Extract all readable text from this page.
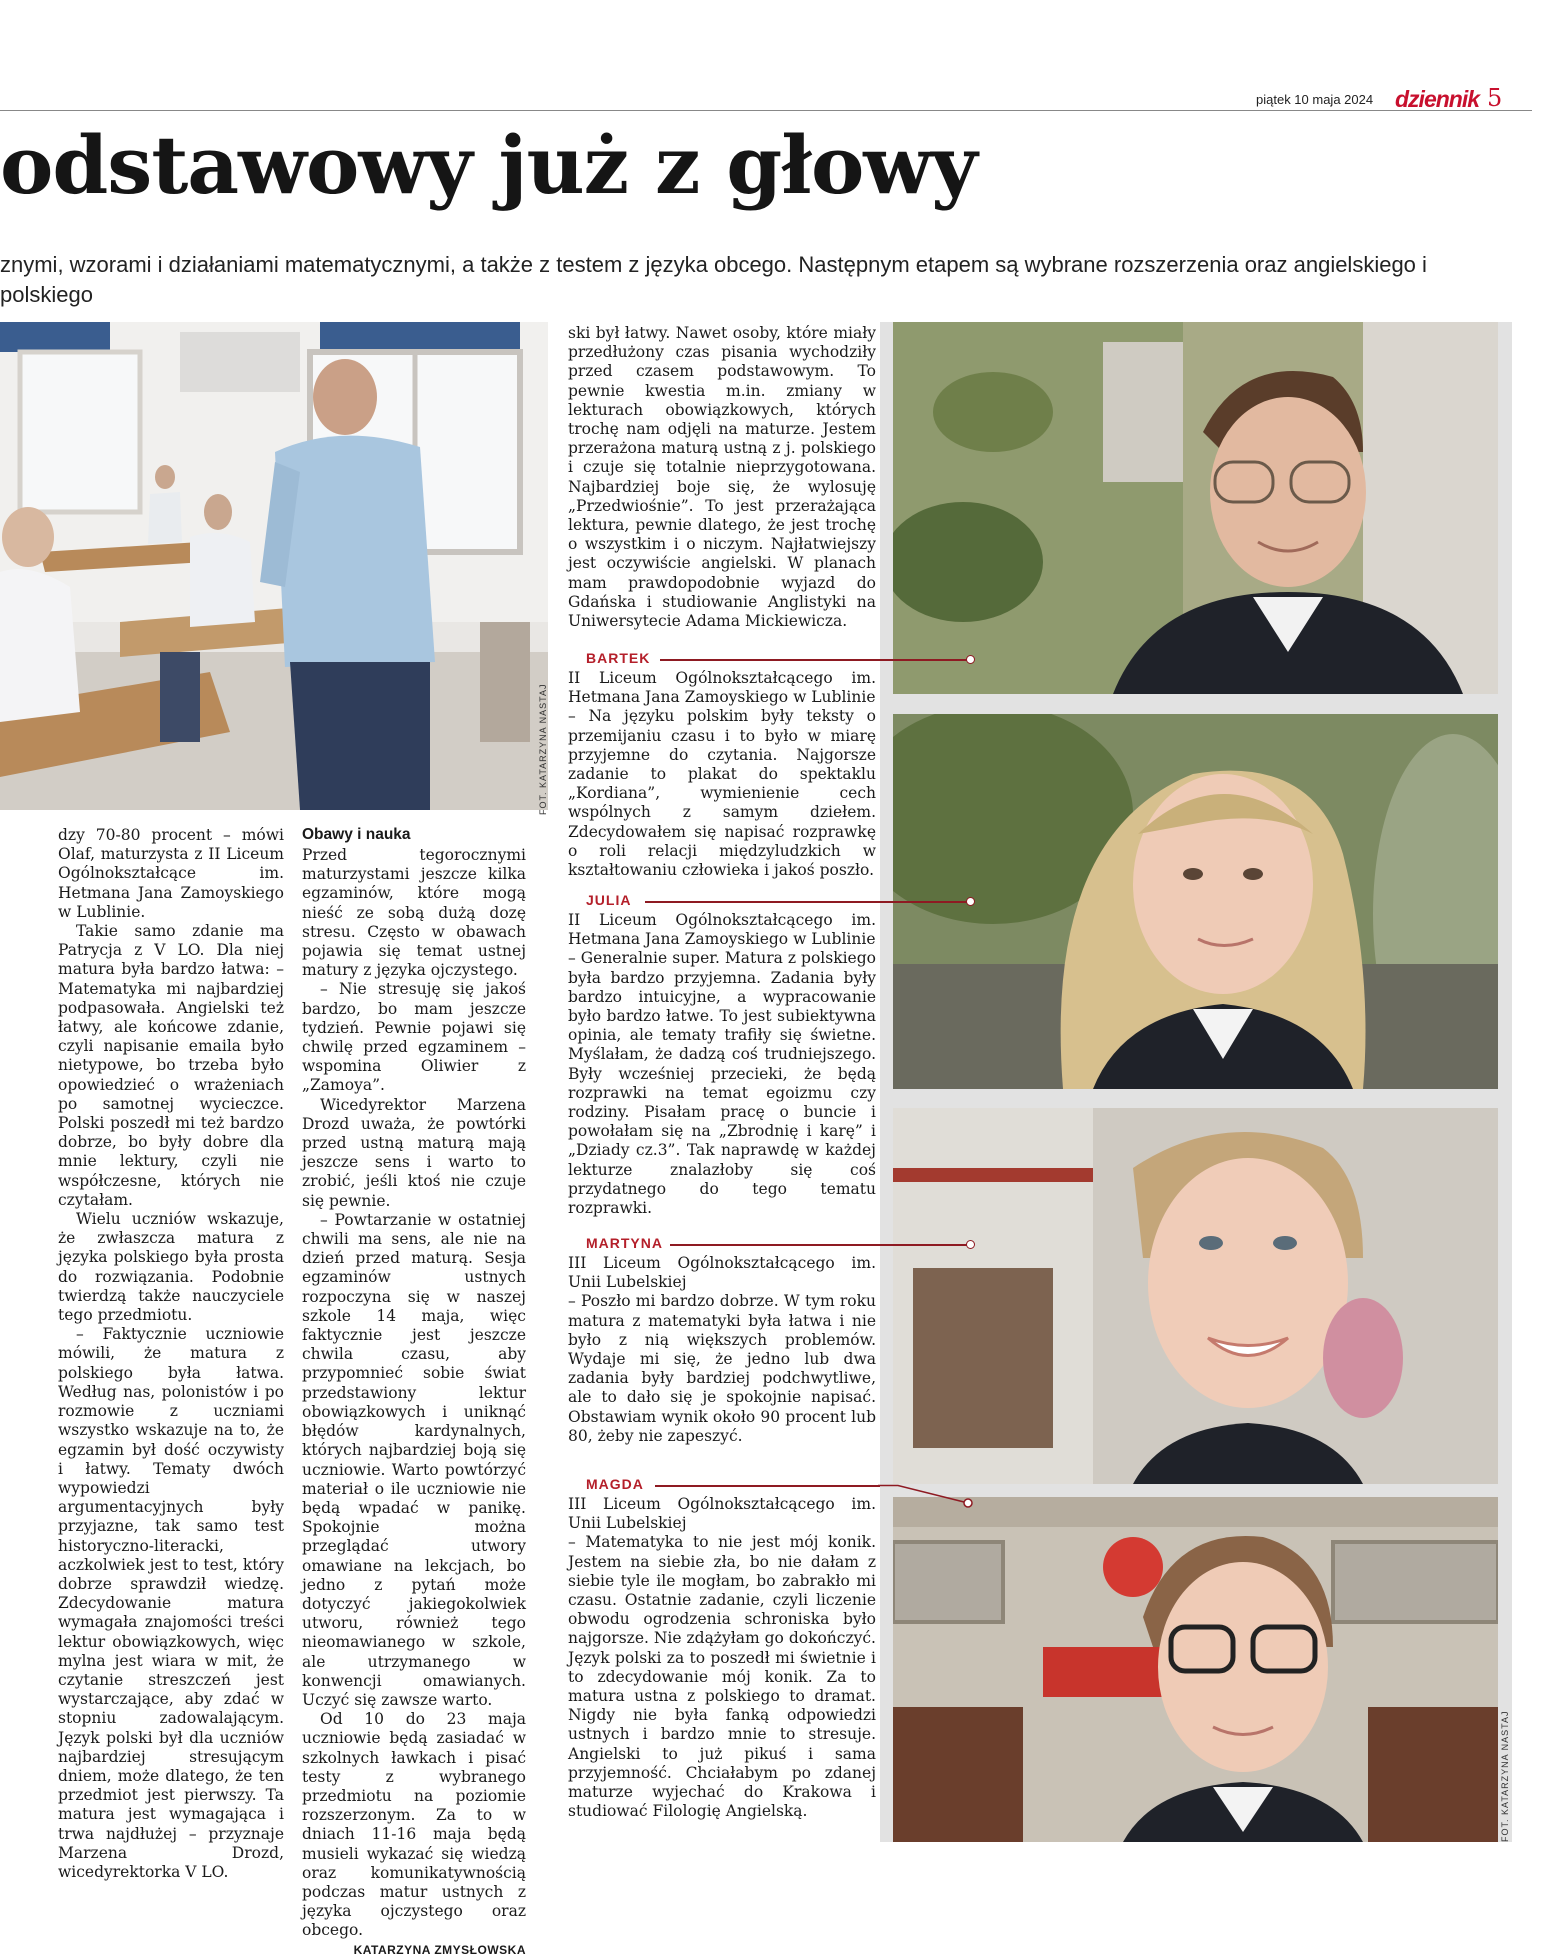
piątek 10 maja 2024 dziennik 5
odstawowy już z głowy
znymi, wzorami i działaniami matematycznymi, a także z testem z języka obcego. Następnym etapem są wybrane rozszerzenia oraz angielskiego i polskiego
FOT. KATARZYNA NASTAJ
FOT. KATARZYNA NASTAJ

dzy 70-80 procent – mówi Olaf, maturzysta z II Liceum Ogólnokształcące im. Hetmana Jana Zamoyskiego w Lublinie.

Takie samo zdanie ma Patrycja z V LO. Dla niej matura była bardzo łatwa: – Matematyka mi najbardziej podpasowała. Angielski też łatwy, ale końcowe zdanie, czyli napisanie emaila było nietypowe, bo trzeba było opowiedzieć o wrażeniach po samotnej wycieczce. Polski poszedł mi też bardzo dobrze, bo były dobre dla mnie lektury, czyli nie współczesne, których nie czytałam.

Wielu uczniów wskazuje, że zwłaszcza matura z języka polskiego była prosta do rozwiązania. Podobnie twierdzą także nauczyciele tego przedmiotu.

– Faktycznie uczniowie mówili, że matura z polskiego była łatwa. Według nas, polonistów i po rozmowie z uczniami wszystko wskazuje na to, że egzamin był dość oczywisty i łatwy. Tematy dwóch wypowiedzi argumentacyjnych były przyjazne, tak samo test historyczno-literacki, aczkolwiek jest to test, który dobrze sprawdził wiedzę. Zdecydowanie matura wymagała znajomości treści lektur obowiązkowych, więc mylna jest wiara w mit, że czytanie streszczeń jest wystarczające, aby zdać w stopniu zadowalającym. Język polski był dla uczniów najbardziej stresującym dniem, może dlatego, że ten przedmiot jest pierwszy. Ta matura jest wymagająca i trwa najdłużej – przyznaje Marzena Drozd, wicedyrektorka V LO.

Obawy i nauka

Przed tegorocznymi maturzystami jeszcze kilka egzaminów, które mogą nieść ze sobą dużą dozę stresu. Często w obawach pojawia się temat ustnej matury z języka ojczystego.

– Nie stresuję się jakoś bardzo, bo mam jeszcze tydzień. Pewnie pojawi się chwilę przed egzaminem – wspomina Oliwier z „Zamoya”.

Wicedyrektor Marzena Drozd uważa, że powtórki przed ustną maturą mają jeszcze sens i warto to zrobić, jeśli ktoś nie czuje się pewnie.

– Powtarzanie w ostatniej chwili ma sens, ale nie na dzień przed maturą. Sesja egzaminów ustnych rozpoczyna się w naszej szkole 14 maja, więc faktycznie jest jeszcze chwila czasu, aby przypomnieć sobie świat przedstawiony lektur obowiązkowych i uniknąć błędów kardynalnych, których najbardziej boją się uczniowie. Warto powtórzyć materiał o ile uczniowie nie będą wpadać w panikę. Spokojnie można przeglądać utwory omawiane na lekcjach, bo jedno z pytań może dotyczyć jakiegokolwiek utworu, również tego nieomawianego w szkole, ale utrzymanego w konwencji omawianych. Uczyć się zawsze warto.

Od 10 do 23 maja uczniowie będą zasiadać w szkolnych ławkach i pisać testy z wybranego przedmiotu na poziomie rozszerzonym. Za to w dniach 11-16 maja będą musieli wykazać się wiedzą oraz komunikatywnością podczas matur ustnych z języka ojczystego oraz obcego.

KATARZYNA ZMYSŁOWSKA

ski był łatwy. Nawet osoby, które miały przedłużony czas pisania wychodziły przed czasem podstawowym. To pewnie kwestia m.in. zmiany w lekturach obowiązkowych, których trochę nam odjęli na maturze. Jestem przerażona maturą ustną z j. polskiego i czuje się totalnie nieprzygotowana. Najbardziej boje się, że wylosuję „Przedwiośnie”. To jest przerażająca lektura, pewnie dlatego, że jest trochę o wszystkim i o niczym. Najłatwiejszy jest oczywiście angielski. W planach mam prawdopodobnie wyjazd do Gdańska i studiowanie Anglistyki na Uniwersytecie Adama Mickiewicza.

BARTEK

II Liceum Ogólnokształcącego im. Hetmana Jana Zamoyskiego w Lublinie

– Na języku polskim były teksty o przemijaniu czasu i to było w miarę przyjemne do czytania. Najgorsze zadanie to plakat do spektaklu „Kordiana”, wymienienie cech wspólnych z samym dziełem. Zdecydowałem się napisać rozprawkę o roli relacji międzyludzkich w kształtowaniu człowieka i jakoś poszło.

JULIA

II Liceum Ogólnokształcącego im. Hetmana Jana Zamoyskiego w Lublinie

– Generalnie super. Matura z polskiego była bardzo przyjemna. Zadania były bardzo intuicyjne, a wypracowanie było bardzo łatwe. To jest subiektywna opinia, ale tematy trafiły się świetne. Myślałam, że dadzą coś trudniejszego. Były wcześniej przecieki, że będą rozprawki na temat egoizmu czy rodziny. Pisałam pracę o buncie i powołałam się na „Zbrodnię i karę” i „Dziady cz.3”. Tak naprawdę w każdej lekturze znalazłoby się coś przydatnego do tego tematu rozprawki.

MARTYNA

III Liceum Ogólnokształcącego im. Unii Lubelskiej

– Poszło mi bardzo dobrze. W tym roku matura z matematyki była łatwa i nie było z nią większych problemów. Wydaje mi się, że jedno lub dwa zadania były bardziej podchwytliwe, ale to dało się je spokojnie napisać. Obstawiam wynik około 90 procent lub 80, żeby nie zapeszyć.

MAGDA

III Liceum Ogólnokształcącego im. Unii Lubelskiej

– Matematyka to nie jest mój konik. Jestem na siebie zła, bo nie dałam z siebie tyle ile mogłam, bo zabrakło mi czasu. Ostatnie zadanie, czyli liczenie obwodu ogrodzenia schroniska było najgorsze. Nie zdążyłam go dokończyć. Język polski za to poszedł mi świetnie i to zdecydowanie mój konik. Za to matura ustna z polskiego to dramat. Nigdy nie była fanką odpowiedzi ustnych i bardzo mnie to stresuje. Angielski to już pikuś i sama przyjemność. Chciałabym po zdanej maturze wyjechać do Krakowa i studiować Filologię Angielską.
